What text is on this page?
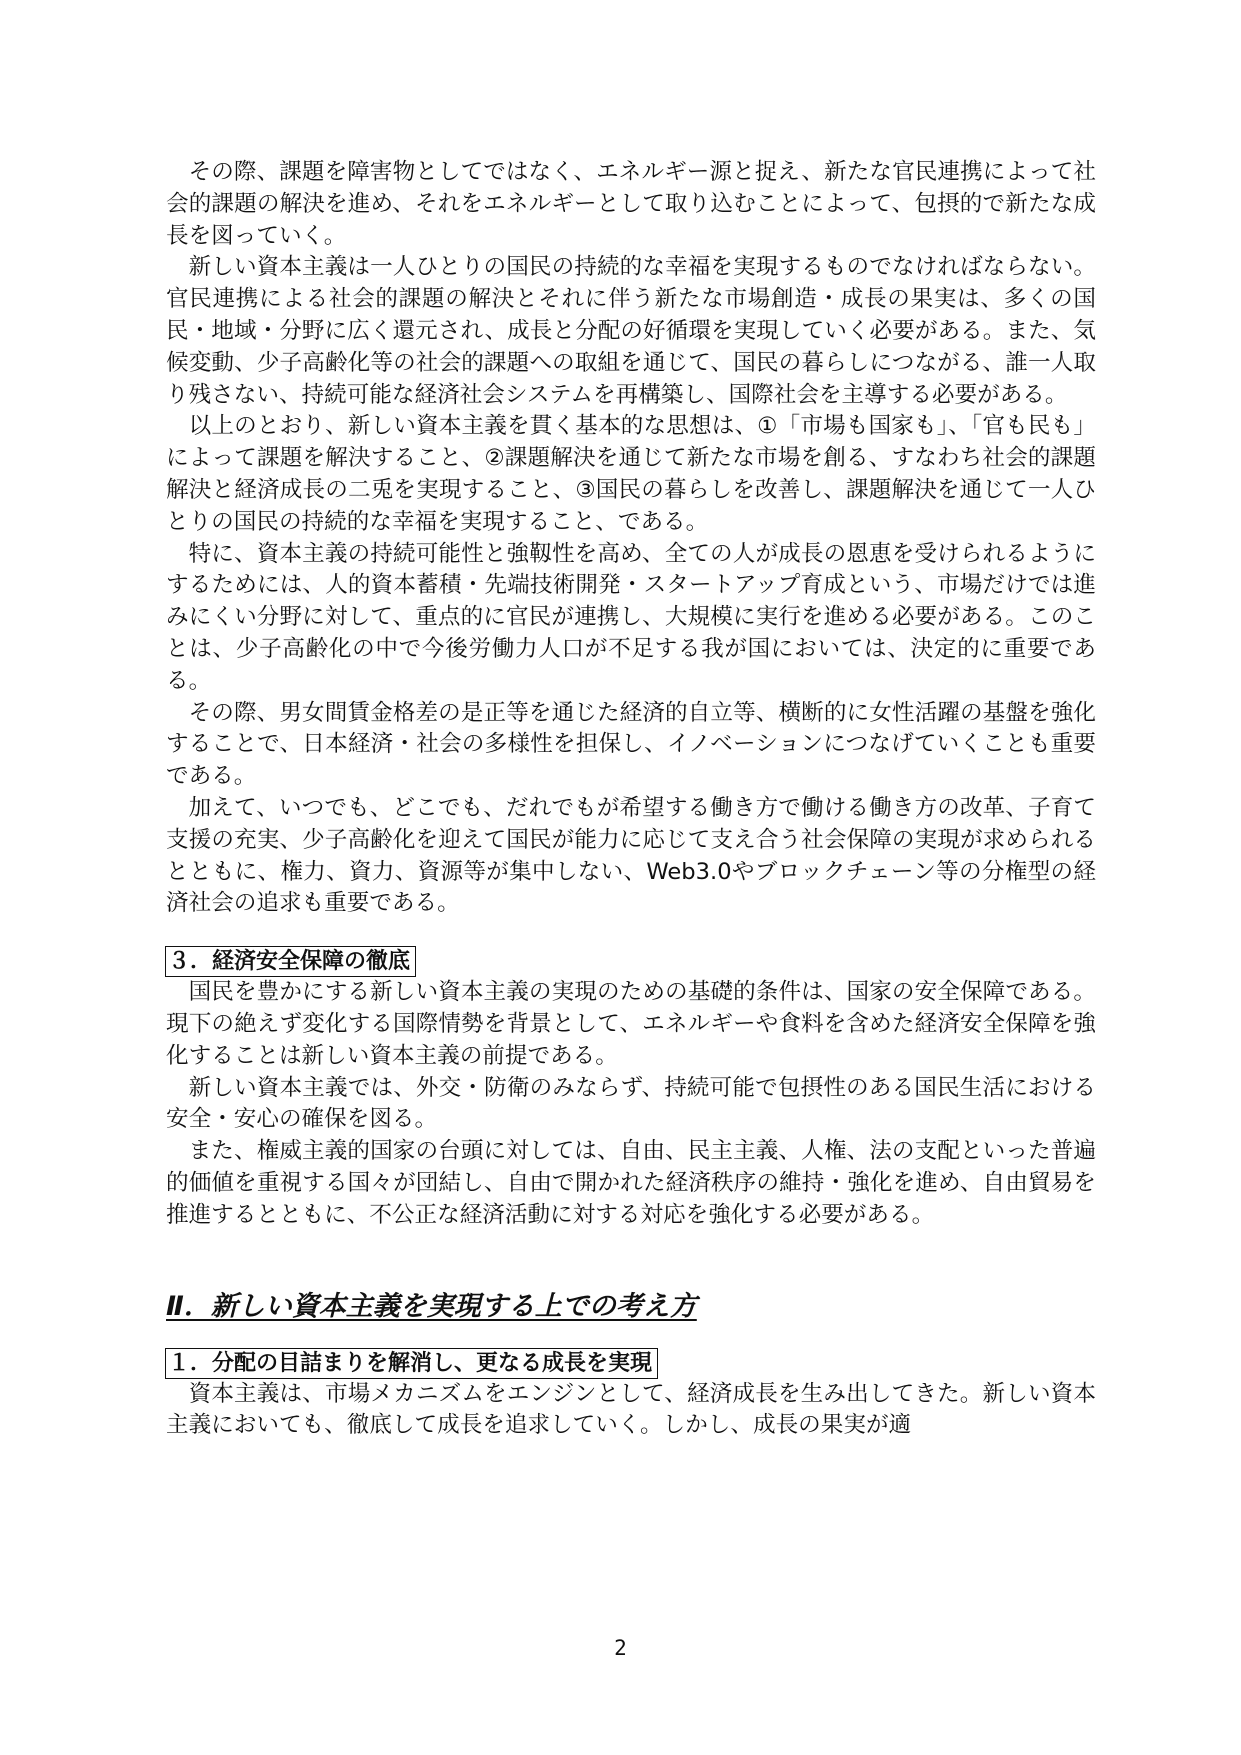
その際、課題を障害物としてではなく、エネルギー源と捉え、新たな官民連携によって社会的課題の解決を進め、それをエネルギーとして取り込むことによって、包摂的で新たな成長を図っていく。

新しい資本主義は一人ひとりの国民の持続的な幸福を実現するものでなければならない。官民連携による社会的課題の解決とそれに伴う新たな市場創造・成長の果実は、多くの国民・地域・分野に広く還元され、成長と分配の好循環を実現していく必要がある。また、気候変動、少子高齢化等の社会的課題への取組を通じて、国民の暮らしにつながる、誰一人取り残さない、持続可能な経済社会システムを再構築し、国際社会を主導する必要がある。

以上のとおり、新しい資本主義を貫く基本的な思想は、①「市場も国家も」、「官も民も」によって課題を解決すること、②課題解決を通じて新たな市場を創る、すなわち社会的課題解決と経済成長の二兎を実現すること、③国民の暮らしを改善し、課題解決を通じて一人ひとりの国民の持続的な幸福を実現すること、である。

特に、資本主義の持続可能性と強靱性を高め、全ての人が成長の恩恵を受けられるようにするためには、人的資本蓄積・先端技術開発・スタートアップ育成という、市場だけでは進みにくい分野に対して、重点的に官民が連携し、大規模に実行を進める必要がある。このことは、少子高齢化の中で今後労働力人口が不足する我が国においては、決定的に重要である。

その際、男女間賃金格差の是正等を通じた経済的自立等、横断的に女性活躍の基盤を強化することで、日本経済・社会の多様性を担保し、イノベーションにつなげていくことも重要である。

加えて、いつでも、どこでも、だれでもが希望する働き方で働ける働き方の改革、子育て支援の充実、少子高齢化を迎えて国民が能力に応じて支え合う社会保障の実現が求められるとともに、権力、資力、資源等が集中しない、Web3.0やブロックチェーン等の分権型の経済社会の追求も重要である。

３．経済安全保障の徹底

国民を豊かにする新しい資本主義の実現のための基礎的条件は、国家の安全保障である。現下の絶えず変化する国際情勢を背景として、エネルギーや食料を含めた経済安全保障を強化することは新しい資本主義の前提である。

新しい資本主義では、外交・防衛のみならず、持続可能で包摂性のある国民生活における安全・安心の確保を図る。

また、権威主義的国家の台頭に対しては、自由、民主主義、人権、法の支配といった普遍的価値を重視する国々が団結し、自由で開かれた経済秩序の維持・強化を進め、自由貿易を推進するとともに、不公正な経済活動に対する対応を強化する必要がある。

Ⅱ．新しい資本主義を実現する上での考え方
１．分配の目詰まりを解消し、更なる成長を実現

資本主義は、市場メカニズムをエンジンとして、経済成長を生み出してきた。新しい資本主義においても、徹底して成長を追求していく。しかし、成長の果実が適

2
